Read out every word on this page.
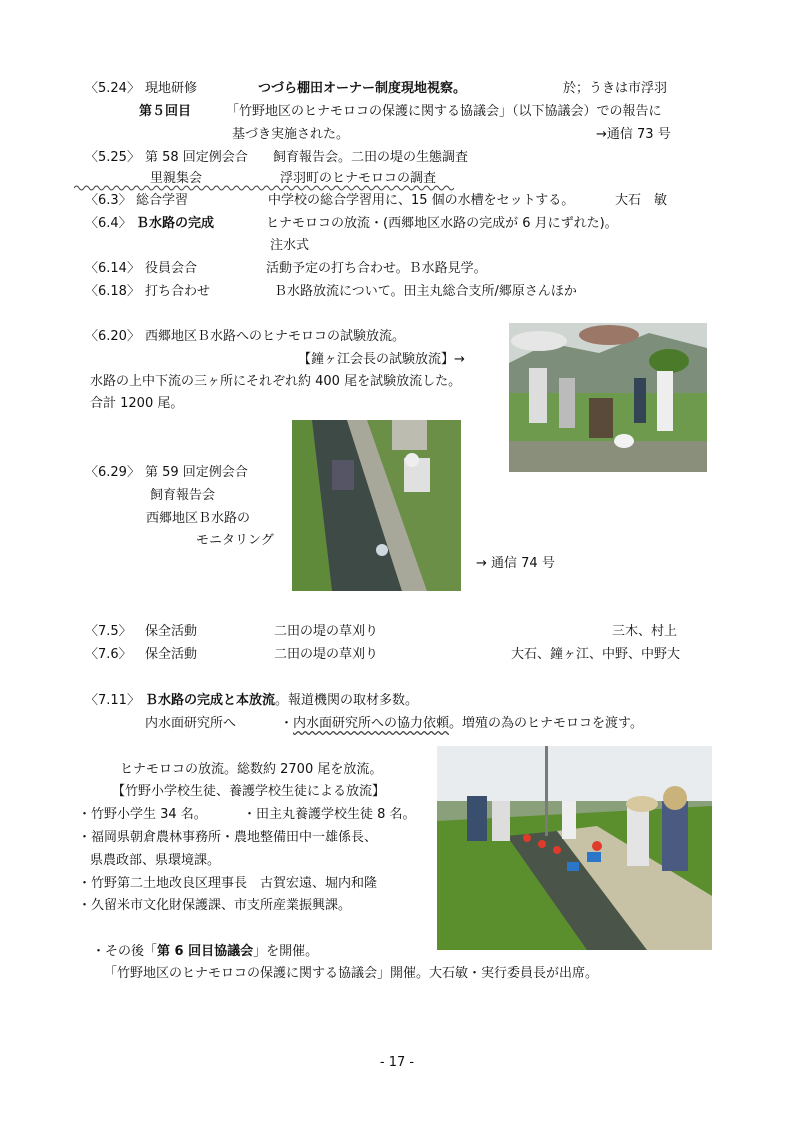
〈5.24〉 現地研修	つづら棚田オーナー制度現地視察。	於；うきは市浮羽
第５回目	「竹野地区のヒナモロコの保護に関する協議会」（以下協議会）での報告に
基づき実施された。	→通信 73 号
〈5.25〉 第 58 回定例会合 飼育報告会。二田の堤の生態調査
里親集会	浮羽町のヒナモロコの調査
〈6.3〉 総合学習	中学校の総合学習用に、15 個の水槽をセットする。	大石　敏
〈6.4〉 Ｂ水路の完成	ヒナモロコの放流・(西郷地区水路の完成が 6 月にずれた)。
注水式
〈6.14〉 役員会合	活動予定の打ち合わせ。Ｂ水路見学。
〈6.18〉 打ち合わせ	Ｂ水路放流について。田主丸総合支所/郷原さんほか
〈6.20〉 西郷地区Ｂ水路へのヒナモロコの試験放流。
【鐘ヶ江会長の試験放流】→
水路の上中下流の三ヶ所にそれぞれ約 400 尾を試験放流した。
合計 1200 尾。
〈6.29〉 第 59 回定例会合
飼育報告会
西郷地区Ｂ水路の
モニタリング
→ 通信 74 号
〈7.5〉 保全活動	二田の堤の草刈り	三木、村上
〈7.6〉 保全活動	二田の堤の草刈り	大石、鐘ヶ江、中野、中野大
〈7.11〉 Ｂ水路の完成と本放流。報道機関の取材多数。
内水面研究所へ	・内水面研究所への協力依頼。増殖の為のヒナモロコを渡す。
ヒナモロコの放流。総数約 2700 尾を放流。
【竹野小学校生徒、養護学校生徒による放流】
・竹野小学生 34 名。	・田主丸養護学校生徒 8 名。
・福岡県朝倉農林事務所・農地整備田中一雄係長、
県農政部、県環境課。
・竹野第二土地改良区理事長　古賀宏遠、堀内和隆
・久留米市文化財保護課、市支所産業振興課。
・その後「第 6 回目協議会」を開催。
「竹野地区のヒナモロコの保護に関する協議会」開催。大石敏・実行委員長が出席。
- 17 -
